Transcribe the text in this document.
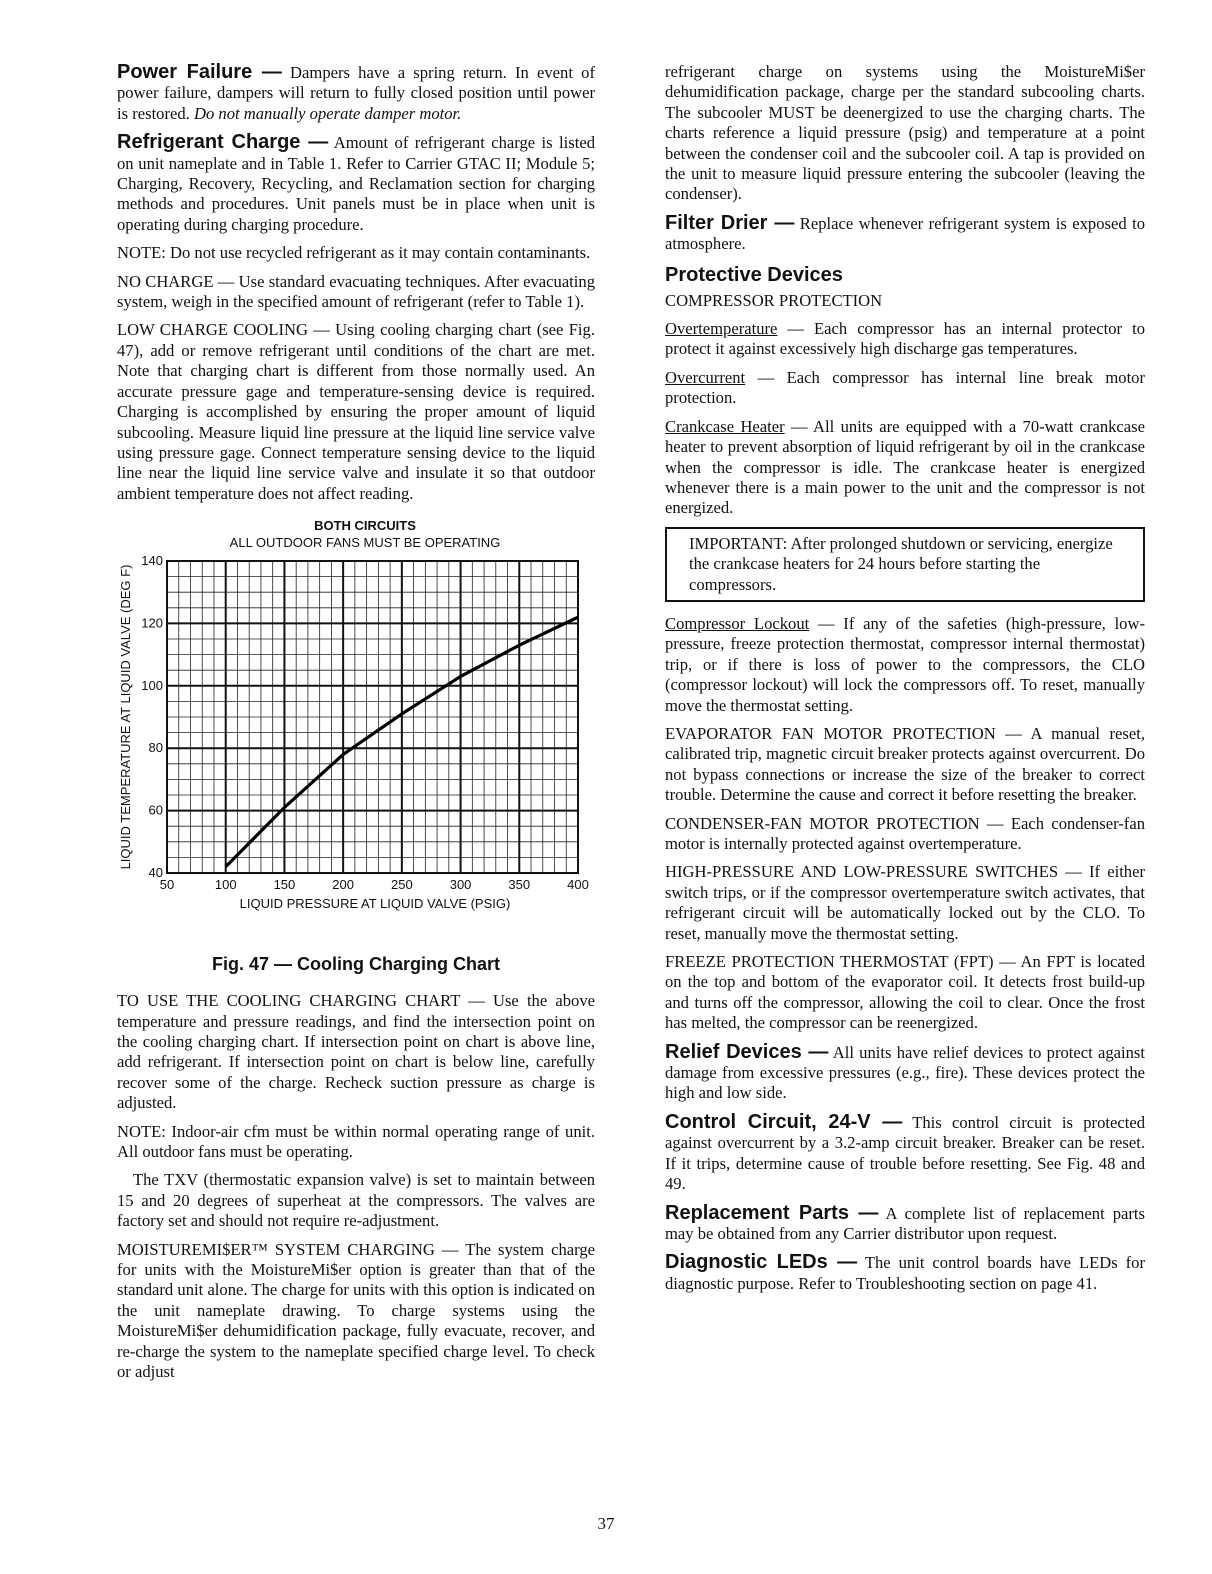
Power Failure — Dampers have a spring return. In event of power failure, dampers will return to fully closed position until power is restored. Do not manually operate damper motor.

Refrigerant Charge — Amount of refrigerant charge is listed on unit nameplate and in Table 1. Refer to Carrier GTAC II; Module 5; Charging, Recovery, Recycling, and Reclamation section for charging methods and procedures. Unit panels must be in place when unit is operating during charging procedure.

NOTE: Do not use recycled refrigerant as it may contain contaminants.

NO CHARGE — Use standard evacuating techniques. After evacuating system, weigh in the specified amount of refrigerant (refer to Table 1).

LOW CHARGE COOLING — Using cooling charging chart (see Fig. 47), add or remove refrigerant until conditions of the chart are met. Note that charging chart is different from those normally used. An accurate pressure gage and temperature-sensing device is required. Charging is accomplished by ensuring the proper amount of liquid subcooling. Measure liquid line pressure at the liquid line service valve using pressure gage. Connect temperature sensing device to the liquid line near the liquid line service valve and insulate it so that outdoor ambient temperature does not affect reading.

50	100	150	200	250	300	350	400
40
60
80
100
120
140
BOTH CIRCUITS
ALL OUTDOOR FANS MUST BE OPERATING
LIQUID PRESSURE AT LIQUID VALVE (PSIG)
LIQUID TEMPERATURE AT LIQUID VALVE (DEG F)
Fig. 47 — Cooling Charging Chart

TO USE THE COOLING CHARGING CHART — Use the above temperature and pressure readings, and find the intersection point on the cooling charging chart. If intersection point on chart is above line, add refrigerant. If intersection point on chart is below line, carefully recover some of the charge. Recheck suction pressure as charge is adjusted.

NOTE: Indoor-air cfm must be within normal operating range of unit. All outdoor fans must be operating.

The TXV (thermostatic expansion valve) is set to maintain between 15 and 20 degrees of superheat at the compressors. The valves are factory set and should not require re-adjustment.

MOISTUREMI$ER™ SYSTEM CHARGING — The system charge for units with the MoistureMi$er option is greater than that of the standard unit alone. The charge for units with this option is indicated on the unit nameplate drawing. To charge systems using the MoistureMi$er dehumidification package, fully evacuate, recover, and re-charge the system to the nameplate specified charge level. To check or adjust

refrigerant charge on systems using the MoistureMi$er dehumidification package, charge per the standard subcooling charts. The subcooler MUST be deenergized to use the charging charts. The charts reference a liquid pressure (psig) and temperature at a point between the condenser coil and the subcooler coil. A tap is provided on the unit to measure liquid pressure entering the subcooler (leaving the condenser).

Filter Drier — Replace whenever refrigerant system is exposed to atmosphere.

Protective Devices

COMPRESSOR PROTECTION

Overtemperature — Each compressor has an internal protector to protect it against excessively high discharge gas temperatures.

Overcurrent — Each compressor has internal line break motor protection.

Crankcase Heater — All units are equipped with a 70-watt crankcase heater to prevent absorption of liquid refrigerant by oil in the crankcase when the compressor is idle. The crankcase heater is energized whenever there is a main power to the unit and the compressor is not energized.

IMPORTANT: After prolonged shutdown or servicing, energize the crankcase heaters for 24 hours before starting the compressors.

Compressor Lockout — If any of the safeties (high-pressure, low-pressure, freeze protection thermostat, compressor internal thermostat) trip, or if there is loss of power to the compressors, the CLO (compressor lockout) will lock the compressors off. To reset, manually move the thermostat setting.

EVAPORATOR FAN MOTOR PROTECTION — A manual reset, calibrated trip, magnetic circuit breaker protects against overcurrent. Do not bypass connections or increase the size of the breaker to correct trouble. Determine the cause and correct it before resetting the breaker.

CONDENSER-FAN MOTOR PROTECTION — Each condenser-fan motor is internally protected against overtemperature.

HIGH-PRESSURE AND LOW-PRESSURE SWITCHES — If either switch trips, or if the compressor overtemperature switch activates, that refrigerant circuit will be automatically locked out by the CLO. To reset, manually move the thermostat setting.

FREEZE PROTECTION THERMOSTAT (FPT) — An FPT is located on the top and bottom of the evaporator coil. It detects frost build-up and turns off the compressor, allowing the coil to clear. Once the frost has melted, the compressor can be reenergized.

Relief Devices — All units have relief devices to protect against damage from excessive pressures (e.g., fire). These devices protect the high and low side.

Control Circuit, 24-V — This control circuit is protected against overcurrent by a 3.2-amp circuit breaker. Breaker can be reset. If it trips, determine cause of trouble before resetting. See Fig. 48 and 49.

Replacement Parts — A complete list of replacement parts may be obtained from any Carrier distributor upon request.

Diagnostic LEDs — The unit control boards have LEDs for diagnostic purpose. Refer to Troubleshooting section on page 41.

37
